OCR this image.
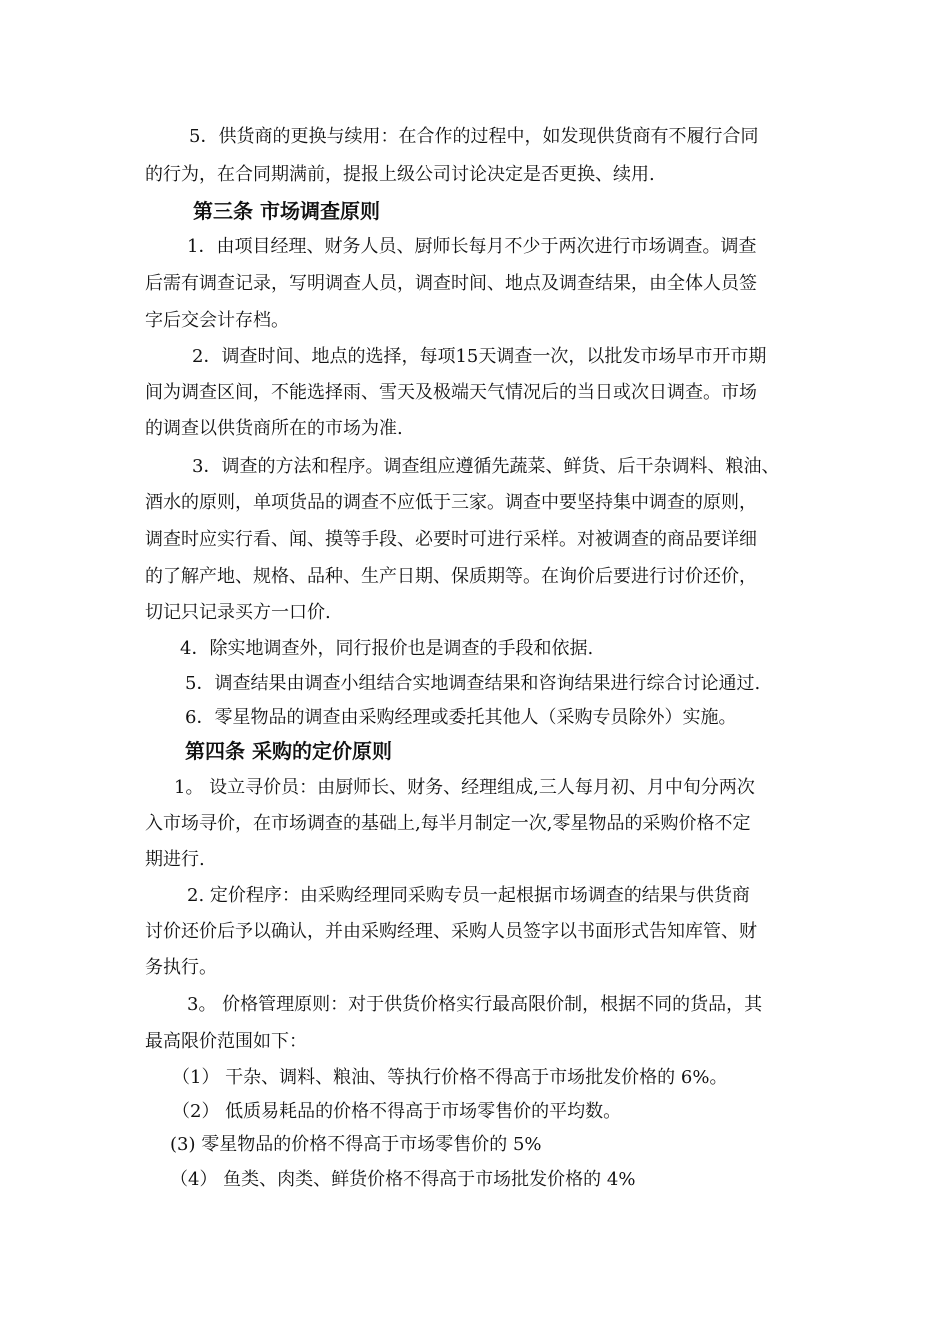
5．供货商的更换与续用：在合作的过程中，如发现供货商有不履行合同
的行为，在合同期满前，提报上级公司讨论决定是否更换、续用.
第三条 市场调查原则
1．由项目经理、财务人员、厨师长每月不少于两次进行市场调查。调查
后需有调查记录，写明调查人员，调查时间、地点及调查结果，由全体人员签
字后交会计存档。
2．调查时间、地点的选择，每项15天调查一次，以批发市场早市开市期
间为调查区间，不能选择雨、雪天及极端天气情况后的当日或次日调查。市场
的调查以供货商所在的市场为准.
3．调查的方法和程序。调查组应遵循先蔬菜、鲜货、后干杂调料、粮油、
酒水的原则，单项货品的调查不应低于三家。调查中要坚持集中调查的原则，
调查时应实行看、闻、摸等手段、必要时可进行采样。对被调查的商品要详细
的了解产地、规格、品种、生产日期、保质期等。在询价后要进行讨价还价，
切记只记录买方一口价.
4．除实地调查外，同行报价也是调查的手段和依据.
5．调查结果由调查小组结合实地调查结果和咨询结果进行综合讨论通过.
6．零星物品的调查由采购经理或委托其他人（采购专员除外）实施。
第四条 采购的定价原则
1。 设立寻价员：由厨师长、财务、经理组成,三人每月初、月中旬分两次
入市场寻价，在市场调查的基础上,每半月制定一次,零星物品的采购价格不定
期进行.
2. 定价程序：由采购经理同采购专员一起根据市场调查的结果与供货商
讨价还价后予以确认，并由采购经理、采购人员签字以书面形式告知库管、财
务执行。
3。 价格管理原则：对于供货价格实行最高限价制，根据不同的货品，其
最高限价范围如下：
（1） 干杂、调料、粮油、等执行价格不得高于市场批发价格的 6%。
（2） 低质易耗品的价格不得高于市场零售价的平均数。
(3) 零星物品的价格不得高于市场零售价的 5%
（4） 鱼类、肉类、鲜货价格不得高于市场批发价格的 4%
